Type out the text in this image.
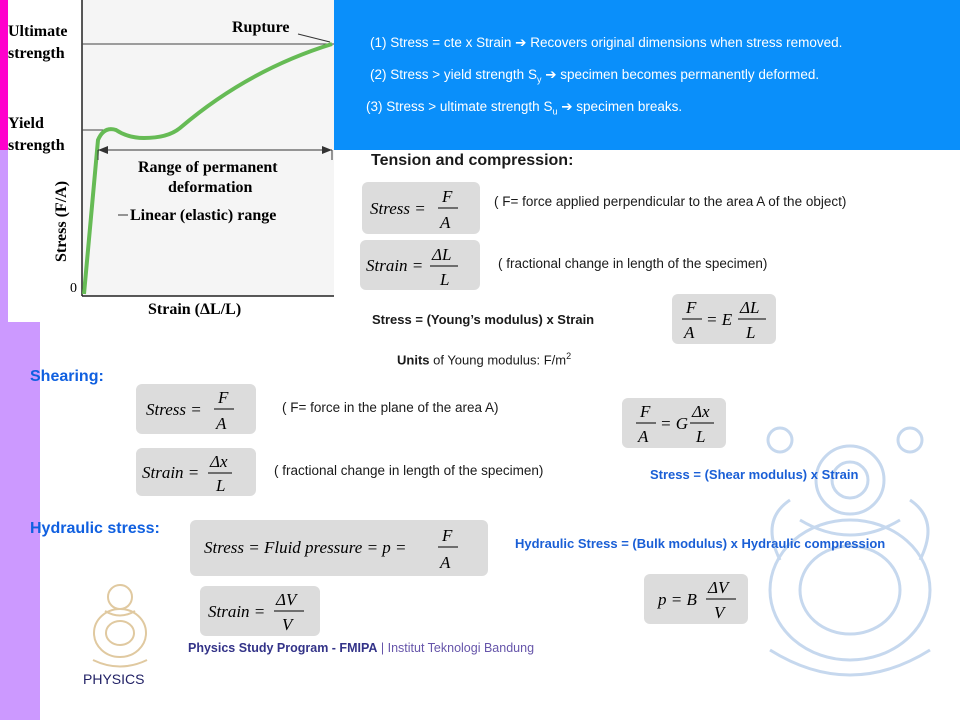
Ultimate
strength
Yield
strength
Rupture
Range of permanent
deformation
Linear (elastic) range
0
Strain (ΔL/L)
Stress (F/A)
(1) Stress = cte x Strain ➔ Recovers original dimensions when stress removed.
(2) Stress > yield strength $S_y$ ➔ specimen becomes permanently deformed.
(3) Stress > ultimate strength $S_u$ ➔ specimen breaks.
Tension and compression:
Stress =
F
A
( F= force applied perpendicular to the area A of the object)
Strain =
ΔL
L
( fractional change in length of the specimen)
Stress = (Young’s modulus) x Strain
F
A
= E
ΔL
L
Units of Young modulus: $F/m^2$
Shearing:
Stress =
F
A
( F= force in the plane of the area A)	F
A
= G
Δx
L
Strain =
Δx
L
( fractional change in length of the specimen)	Stress = (Shear modulus) x Strain
Hydraulic stress:
Stress = Fluid pressure = p =
F
A
Hydraulic Stress = (Bulk modulus) x Hydraulic compression
p = B
ΔV
V
Strain =
ΔV
V
Physics Study Program - FMIPA | Institut Teknologi Bandung
PHYSICS
